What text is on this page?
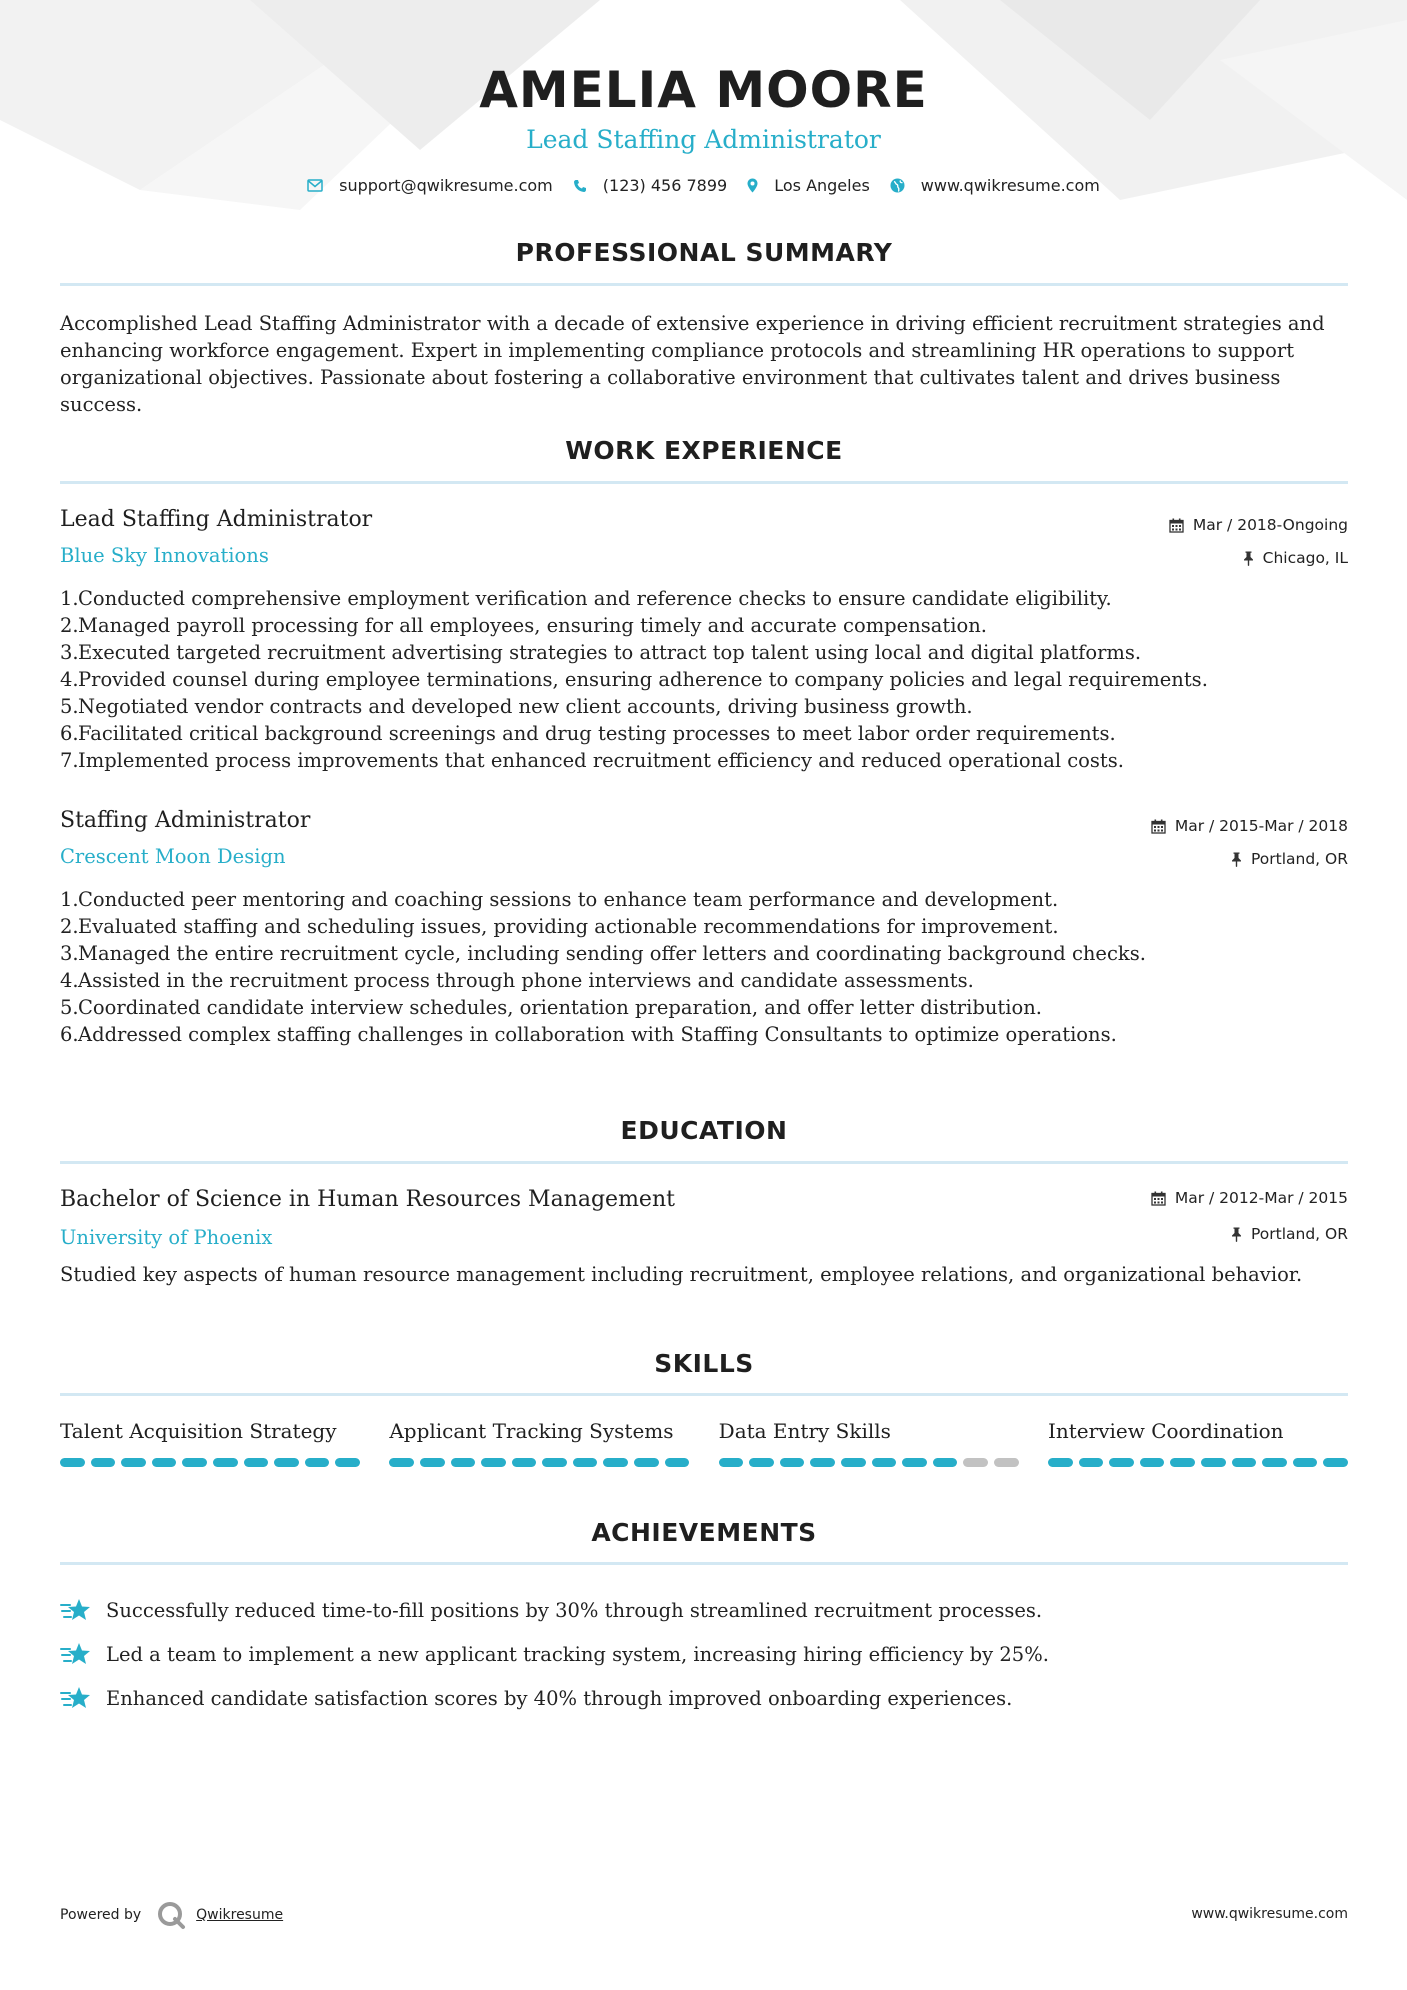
AMELIA MOORE
Lead Staffing Administrator
support@qwikresume.com	(123) 456 7899	Los Angeles	www.qwikresume.com
PROFESSIONAL SUMMARY
Accomplished Lead Staffing Administrator with a decade of extensive experience in driving efficient recruitment strategies and enhancing workforce engagement. Expert in implementing compliance protocols and streamlining HR operations to support organizational objectives. Passionate about fostering a collaborative environment that cultivates talent and drives business success.
WORK EXPERIENCE
Lead Staffing Administrator
Blue Sky Innovations
Mar / 2018-Ongoing
Chicago, IL
1. Conducted comprehensive employment verification and reference checks to ensure candidate eligibility.
2. Managed payroll processing for all employees, ensuring timely and accurate compensation.
3. Executed targeted recruitment advertising strategies to attract top talent using local and digital platforms.
4. Provided counsel during employee terminations, ensuring adherence to company policies and legal requirements.
5. Negotiated vendor contracts and developed new client accounts, driving business growth.
6. Facilitated critical background screenings and drug testing processes to meet labor order requirements.
7. Implemented process improvements that enhanced recruitment efficiency and reduced operational costs.
Staffing Administrator
Crescent Moon Design
Mar / 2015-Mar / 2018
Portland, OR
1. Conducted peer mentoring and coaching sessions to enhance team performance and development.
2. Evaluated staffing and scheduling issues, providing actionable recommendations for improvement.
3. Managed the entire recruitment cycle, including sending offer letters and coordinating background checks.
4. Assisted in the recruitment process through phone interviews and candidate assessments.
5. Coordinated candidate interview schedules, orientation preparation, and offer letter distribution.
6. Addressed complex staffing challenges in collaboration with Staffing Consultants to optimize operations.
EDUCATION
Bachelor of Science in Human Resources Management
University of Phoenix
Mar / 2012-Mar / 2015
Portland, OR
Studied key aspects of human resource management including recruitment, employee relations, and organizational behavior.
SKILLS
Talent Acquisition Strategy	Applicant Tracking Systems	Data Entry Skills	Interview Coordination
ACHIEVEMENTS
Successfully reduced time-to-fill positions by 30% through streamlined recruitment processes.
Led a team to implement a new applicant tracking system, increasing hiring efficiency by 25%.
Enhanced candidate satisfaction scores by 40% through improved onboarding experiences.
Powered by	Qwikresume	www.qwikresume.com
